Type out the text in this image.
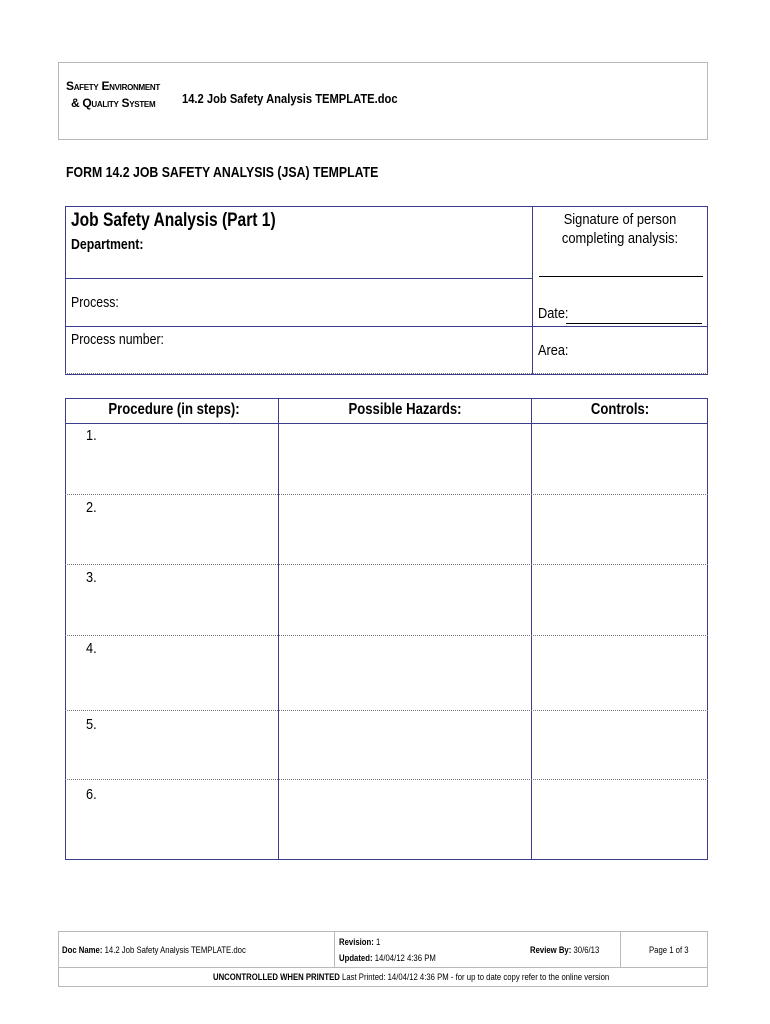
Safety Environment
& Quality System	14.2 Job Safety Analysis TEMPLATE.doc
FORM 14.2 JOB SAFETY ANALYSIS (JSA) TEMPLATE
Job Safety Analysis (Part 1)
Department:
Process:
Process number:
Signature of person completing analysis:
Date:
Area:
Procedure (in steps):	Possible Hazards:	Controls:
1.
2.
3.
4.
5.
6.
Doc Name: 14.2 Job Safety Analysis TEMPLATE.doc
Revision: 1
Updated: 14/04/12 4:36 PM
Review By: 30/6/13	Page 1 of 3
UNCONTROLLED WHEN PRINTED Last Printed: 14/04/12 4:36 PM - for up to date copy refer to the online version
